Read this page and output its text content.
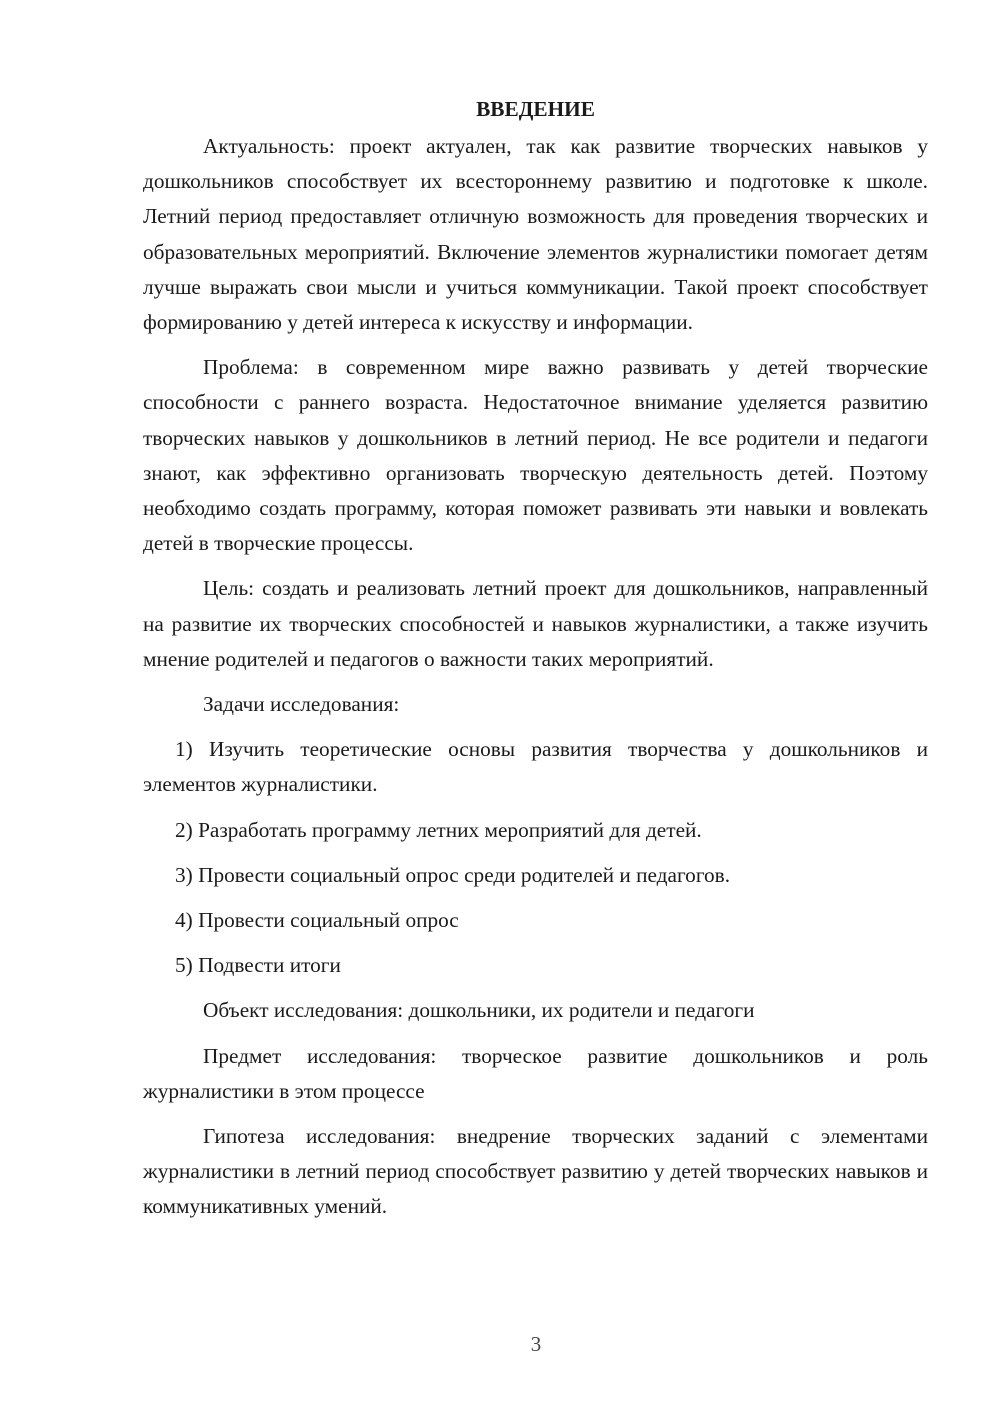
ВВЕДЕНИЕ

Актуальность: проект актуален, так как развитие творческих навыков у дошкольников способствует их всестороннему развитию и подготовке к школе. Летний период предоставляет отличную возможность для проведения творческих и образовательных мероприятий. Включение элементов журналистики помогает детям лучше выражать свои мысли и учиться коммуникации. Такой проект способствует формированию у детей интереса к искусству и информации.

Проблема: в современном мире важно развивать у детей творческие способности с раннего возраста. Недостаточное внимание уделяется развитию творческих навыков у дошкольников в летний период. Не все родители и педагоги знают, как эффективно организовать творческую деятельность детей. Поэтому необходимо создать программу, которая поможет развивать эти навыки и вовлекать детей в творческие процессы.

Цель: создать и реализовать летний проект для дошкольников, направленный на развитие их творческих способностей и навыков журналистики, а также изучить мнение родителей и педагогов о важности таких мероприятий.

Задачи исследования:

1) Изучить теоретические основы развития творчества у дошкольников и элементов журналистики.

2) Разработать программу летних мероприятий для детей.

3) Провести социальный опрос среди родителей и педагогов.

4) Провести социальный опрос

5) Подвести итоги

Объект исследования: дошкольники, их родители и педагоги

Предмет исследования: творческое развитие дошкольников и роль журналистики в этом процессе

Гипотеза исследования: внедрение творческих заданий с элементами журналистики в летний период способствует развитию у детей творческих навыков и коммуникативных умений.

3
